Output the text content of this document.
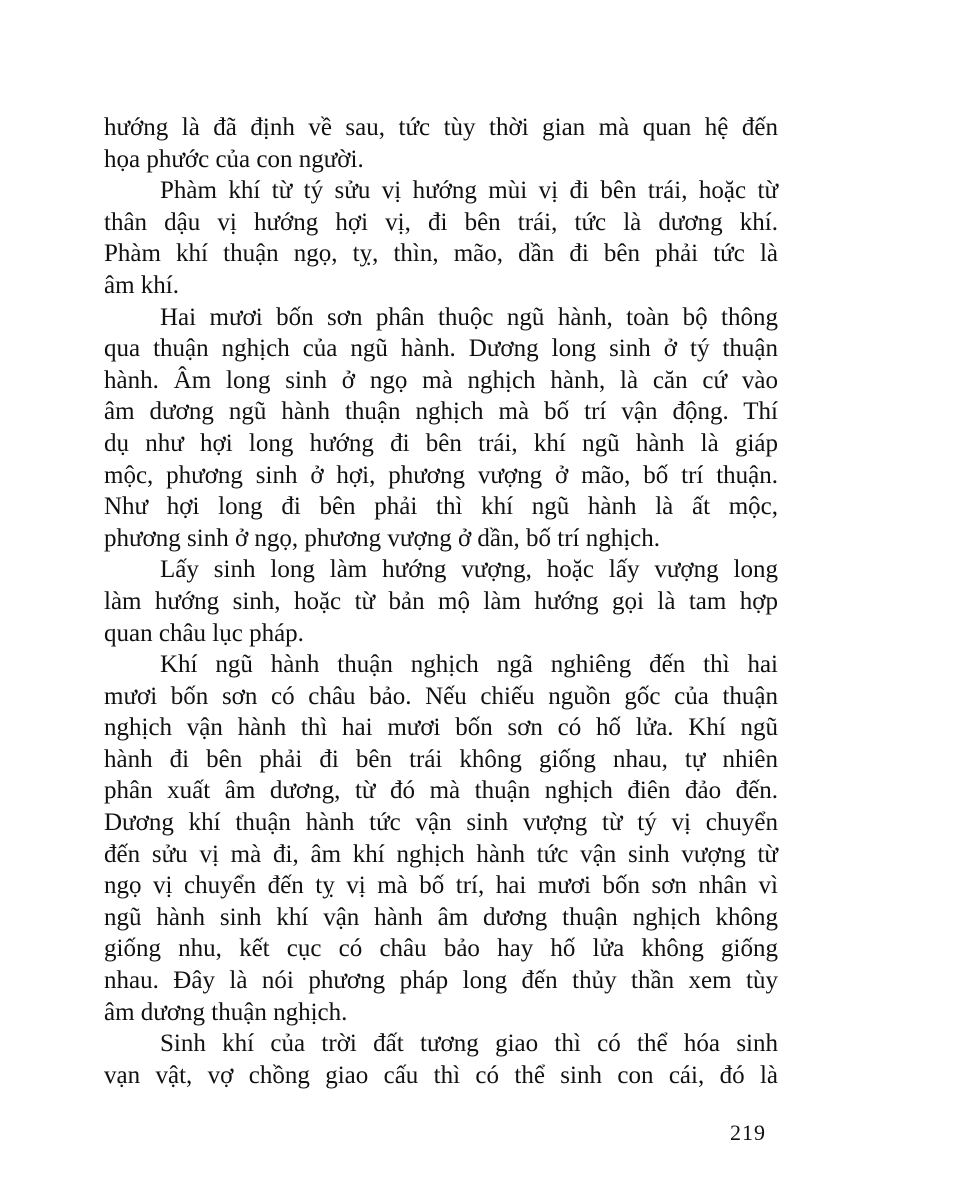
hướng là đã định về sau, tức tùy thời gian mà quan hệ đến
họa phước của con người.
Phàm khí từ tý sửu vị hướng mùi vị đi bên trái, hoặc từ
thân dậu vị hướng hợi vị, đi bên trái, tức là dương khí.
Phàm khí thuận ngọ, tỵ, thìn, mão, dần đi bên phải tức là
âm khí.
Hai mươi bốn sơn phân thuộc ngũ hành, toàn bộ thông
qua thuận nghịch của ngũ hành. Dương long sinh ở tý thuận
hành. Âm long sinh ở ngọ mà nghịch hành, là căn cứ vào
âm dương ngũ hành thuận nghịch mà bố trí vận động. Thí
dụ như hợi long hướng đi bên trái, khí ngũ hành là giáp
mộc, phương sinh ở hợi, phương vượng ở mão, bố trí thuận.
Như hợi long đi bên phải thì khí ngũ hành là ất mộc,
phương sinh ở ngọ, phương vượng ở dần, bố trí nghịch.
Lấy sinh long làm hướng vượng, hoặc lấy vượng long
làm hướng sinh, hoặc từ bản mộ làm hướng gọi là tam hợp
quan châu lục pháp.
Khí ngũ hành thuận nghịch ngã nghiêng đến thì hai
mươi bốn sơn có châu bảo. Nếu chiếu nguồn gốc của thuận
nghịch vận hành thì hai mươi bốn sơn có hố lửa. Khí ngũ
hành đi bên phải đi bên trái không giống nhau, tự nhiên
phân xuất âm dương, từ đó mà thuận nghịch điên đảo đến.
Dương khí thuận hành tức vận sinh vượng từ tý vị chuyển
đến sửu vị mà đi, âm khí nghịch hành tức vận sinh vượng từ
ngọ vị chuyển đến tỵ vị mà bố trí, hai mươi bốn sơn nhân vì
ngũ hành sinh khí vận hành âm dương thuận nghịch không
giống nhu, kết cục có châu bảo hay hố lửa không giống
nhau. Đây là nói phương pháp long đến thủy thần xem tùy
âm dương thuận nghịch.
Sinh khí của trời đất tương giao thì có thể hóa sinh
vạn vật, vợ chồng giao cấu thì có thể sinh con cái, đó là
219
